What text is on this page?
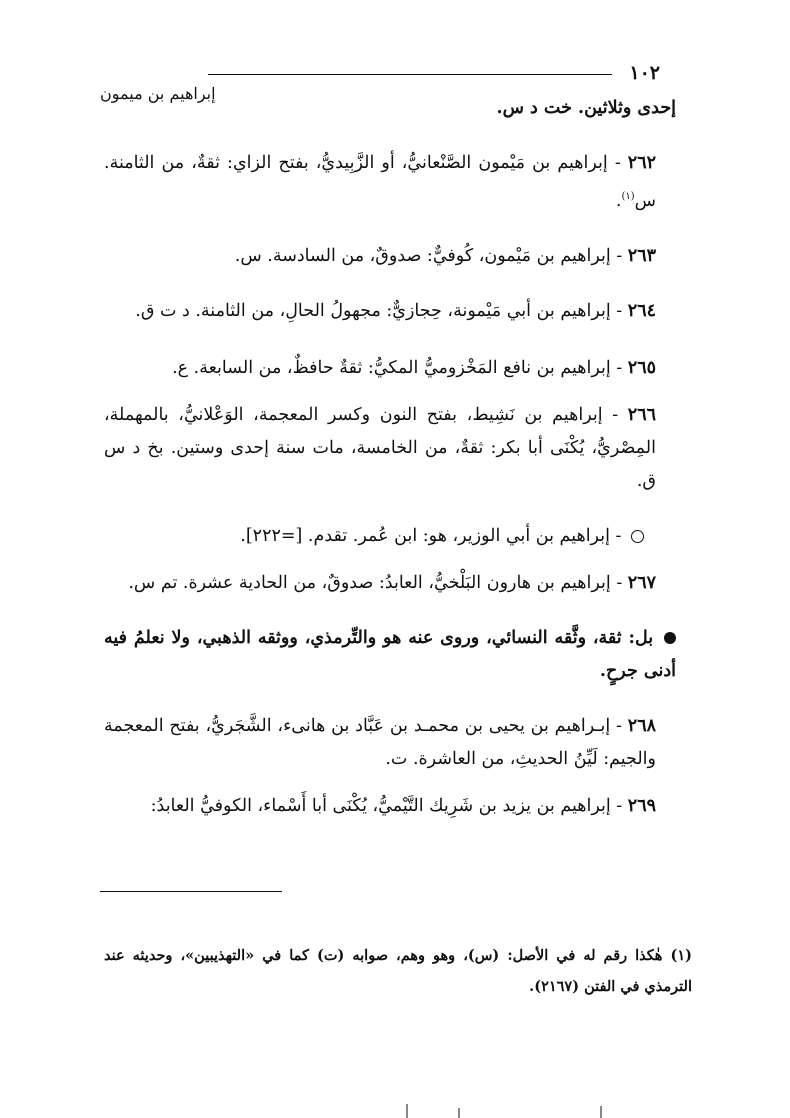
١٠٢
إبراهيم بن ميمون

إحدى وثلاثين. خت د س.

٢٦٢ - إبراهيم بن مَيْمون الصَّنْعانيُّ، أو الزَّبِيديُّ، بفتح الزاي: ثقةٌ، من الثامنة. س$^{(١)}$.

٢٦٣ - إبراهيم بن مَيْمون، كُوفيٌّ: صدوقٌ، من السادسة. س.

٢٦٤ - إبراهيم بن أبي مَيْمونة، حِجازيٌّ: مجهولُ الحالِ، من الثامنة. د ت ق.

٢٦٥ - إبراهيم بن نافع المَخْزوميُّ المكيُّ: ثقةٌ حافظٌ، من السابعة. ع.

٢٦٦ - إبراهيم بن نَشِيط، بفتح النون وكسر المعجمة، الوَعْلانيُّ، بالمهملة، المِصْريُّ، يُكْنَى أبا بكر: ثقةٌ، من الخامسة، مات سنة إحدى وستين. بخ د س ق.

- إبراهيم بن أبي الوزير، هو: ابن عُمر. تقدم. [=٢٢٢].

٢٦٧ - إبراهيم بن هارون البَلْخيُّ، العابدُ: صدوقٌ، من الحادية عشرة. تم س.

بل: ثقة، وثَّقه النسائي، وروى عنه هو والتِّرمذي، ووثقه الذهبي، ولا نعلمُ فيه أدنى جرحٍ.

٢٦٨ - إبـراهيم بن يحيى بن محمـد بن عَبَّاد بن هانىء، الشَّجَريُّ، بفتح المعجمة والجيم: لَيِّنُ الحديثِ، من العاشرة. ت.

٢٦٩ - إبراهيم بن يزيد بن شَرِيك التَّيْميُّ، يُكْنَى أبا أَسْماء، الكوفيُّ العابدُ:

(١) هٰكذا رقم له في الأصل: (س)، وهو وهم، صوابه (ت) كما في «التهذيبين»، وحديثه عند الترمذي في الفتن (٢١٦٧).
